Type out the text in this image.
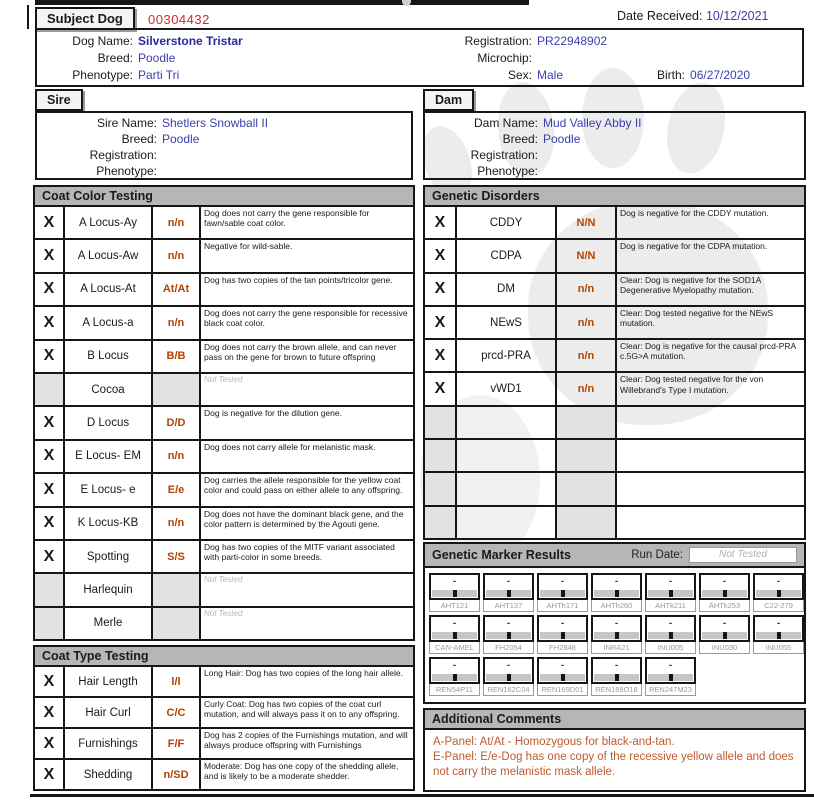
Subject Dog	00304432	Date Received: 10/12/2021
Dog Name: Silverstone Tristar
Breed: Poodle
Phenotype: Parti Tri
Registration: PR22948902
Microchip:
Sex: Male	Birth: 06/27/2020
Sire
Sire Name: Shetlers Snowball II
Breed: Poodle
Registration:
Phenotype:
Dam
Dam Name: Mud Valley Abby II
Breed: Poodle
Registration:
Phenotype:
Coat Color Testing
X	A Locus-Ay	n/n
Dog does not carry the gene responsible for fawn/sable coat color.
X	A Locus-Aw	n/n
Negative for wild-sable.
X	A Locus-At	At/At
Dog has two copies of the tan points/tricolor gene.
X	A Locus-a	n/n
Dog does not carry the gene responsible for recessive black coat color.
X	B Locus	B/B
Dog does not carry the brown allele, and can never pass on the gene for brown to future offspring
Cocoa
Not Tested
X	D Locus	D/D
Dog is negative for the dilution gene.
X	E Locus- EM	n/n
Dog does not carry allele for melanistic mask.
X	E Locus- e	E/e
Dog carries the allele responsible for the yellow coat color and could pass on either allele to any offspring.
X	K Locus-KB	n/n
Dog does not have the dominant black gene, and the color pattern is determined by the Agouti gene.
X	Spotting	S/S
Dog has two copies of the MITF variant associated with parti-color in some breeds.
Harlequin
Not Tested
Merle
Not Tested
Coat Type Testing
X	Hair Length	l/l
Long Hair: Dog has two copies of the long hair allele.
X	Hair Curl	C/C
Curly Coat: Dog has two copies of the coat curl mutation, and will always pass it on to any offspring.
X	Furnishings	F/F
Dog has 2 copies of the Furnishings mutation, and will always produce offspring with Furnishings
X	Shedding	n/SD
Moderate: Dog has one copy of the shedding allele, and is likely to be a moderate shedder.
Genetic Disorders
X	CDDY	N/N
Dog is negative for the CDDY mutation.
X	CDPA	N/N
Dog is negative for the CDPA mutation.
X	DM	n/n
Clear: Dog is negative for the SOD1A Degenerative Myelopathy mutation.
X	NEwS	n/n
Clear: Dog tested negative for the NEwS mutation.
X	prcd-PRA	n/n
Clear: Dog is negative for the causal prcd-PRA c.5G>A mutation.
X	vWD1	n/n
Clear: Dog tested negative for the von Willebrand's Type I mutation.
Genetic Marker Results	Run Date:	Not Tested
-
AHT121
-
AHT137
-
AHTh171
-
AHTh260
-
AHTk211
-
AHTk253
-
C22-279
-
CAN-AMEL
-
FH2054
-
FH2848
-
INRA21
-
INU005
-
INU030
-
INU055
-
REN54P11
-
REN162C04
-
REN169D01
-
REN169O18
-
REN247M23
Additional Comments
A-Panel: At/At - Homozygous for black-and-tan.
E-Panel: E/e-Dog has one copy of the recessive yellow allele and does not carry the melanistic mask allele.
